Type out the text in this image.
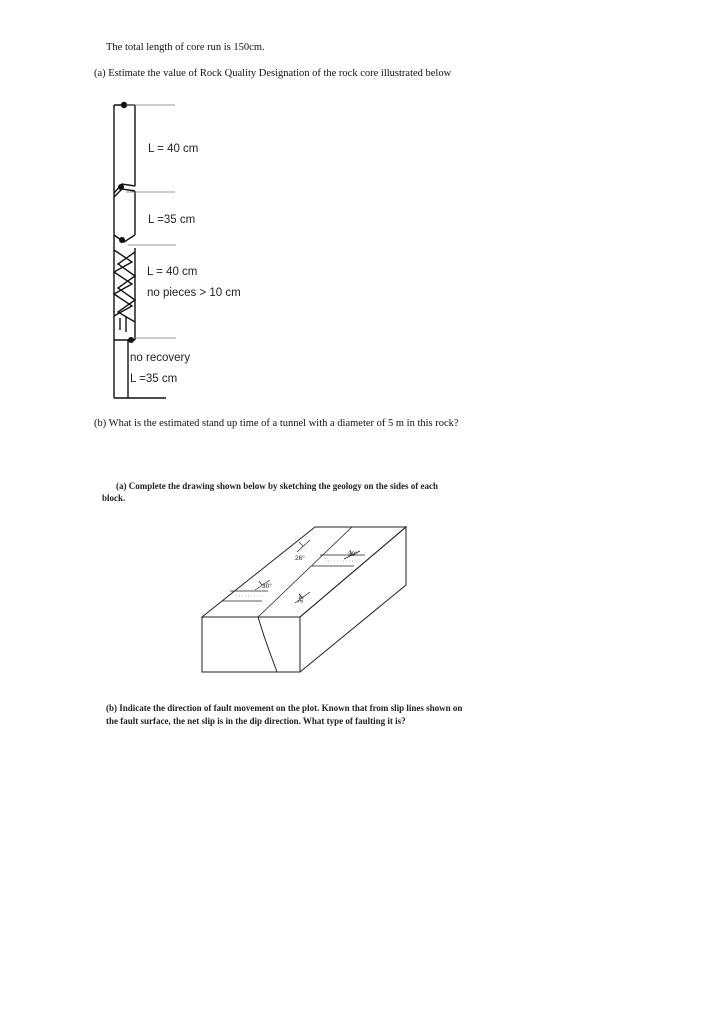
The total length of core run is 150cm.
(a) Estimate the value of Rock Quality Designation of the rock core illustrated below
L = 40 cm
L =35 cm
L = 40 cm
no pieces > 10 cm
no recovery
L =35 cm
(b) What is the estimated stand up time of a tunnel with a diameter of 5 m in this rock?
(a) Complete the drawing shown below by sketching the geology on the sides of each
block.
26°
30°
30°
35°
(b) Indicate the direction of fault movement on the plot. Known that from slip lines shown on
the fault surface, the net slip is in the dip direction. What type of faulting it is?
